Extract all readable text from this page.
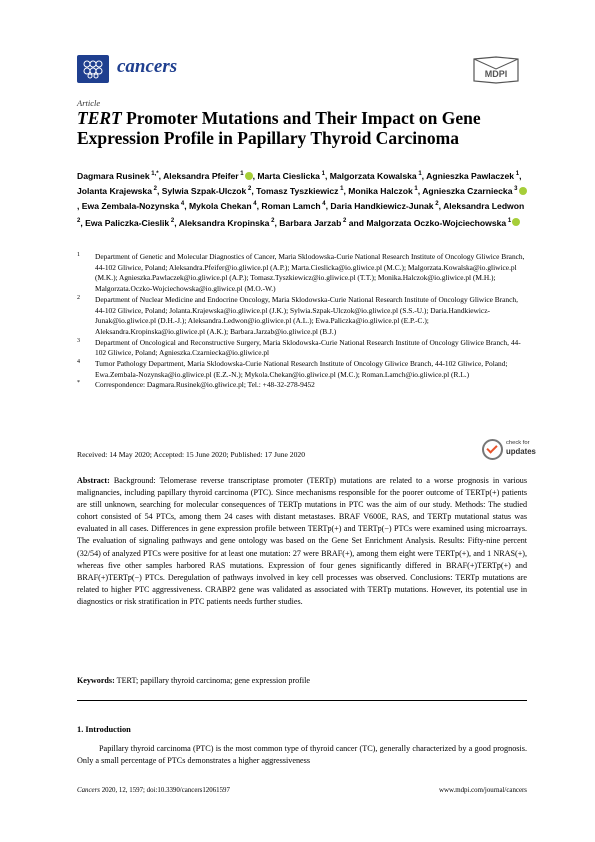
cancers	MDPI
Article
TERT Promoter Mutations and Their Impact on Gene Expression Profile in Papillary Thyroid Carcinoma
Dagmara Rusinek $^{1,*}$, Aleksandra Pfeifer $^1$ , Marta Cieslicka $^1$, Malgorzata Kowalska $^1$, Agnieszka Pawlaczek $^1$, Jolanta Krajewska $^2$, Sylwia Szpak-Ulczok $^2$, Tomasz Tyszkiewicz $^1$, Monika Halczok $^1$, Agnieszka Czarniecka $^3$, Ewa Zembala-Nozynska $^4$, Mykola Chekan $^4$, Roman Lamch $^4$, Daria Handkiewicz-Junak $^2$, Aleksandra Ledwon $^2$, Ewa Paliczka-Cieslik $^2$, Aleksandra Kropinska $^2$, Barbara Jarzab $^2$ and Malgorzata Oczko-Wojciechowska $^1$
1 Department of Genetic and Molecular Diagnostics of Cancer, Maria Sklodowska-Curie National Research Institute of Oncology Gliwice Branch, 44-102 Gliwice, Poland; Aleksandra.Pfeifer@io.gliwice.pl (A.P.); Marta.Cieslicka@io.gliwice.pl (M.C.); Malgorzata.Kowalska@io.gliwice.pl (M.K.); Agnieszka.Pawlaczek@io.gliwice.pl (A.P.); Tomasz.Tyszkiewicz@io.gliwice.pl (T.T.); Monika.Halczok@io.gliwice.pl (M.H.); Malgorzata.Oczko-Wojciechowska@io.gliwice.pl (M.O.-W.)
2 Department of Nuclear Medicine and Endocrine Oncology, Maria Sklodowska-Curie National Research Institute of Oncology Gliwice Branch, 44-102 Gliwice, Poland; Jolanta.Krajewska@io.gliwice.pl (J.K.); Sylwia.Szpak-Ulczok@io.gliwice.pl (S.S.-U.); Daria.Handkiewicz-Junak@io.gliwice.pl (D.H.-J.); Aleksandra.Ledwon@io.gliwice.pl (A.L.); Ewa.Paliczka@io.gliwice.pl (E.P.-C.); Aleksandra.Kropinska@io.gliwice.pl (A.K.); Barbara.Jarzab@io.gliwice.pl (B.J.)
3 Department of Oncological and Reconstructive Surgery, Maria Sklodowska-Curie National Research Institute of Oncology Gliwice Branch, 44-102 Gliwice, Poland; Agnieszka.Czarniecka@io.gliwice.pl
4 Tumor Pathology Department, Maria Sklodowska-Curie National Research Institute of Oncology Gliwice Branch, 44-102 Gliwice, Poland; Ewa.Zembala-Nozynska@io.gliwice.pl (E.Z.-N.); Mykola.Chekan@io.gliwice.pl (M.C.); Roman.Lamch@io.gliwice.pl (R.L.)
* Correspondence: Dagmara.Rusinek@io.gliwice.pl; Tel.: +48-32-278-9452
Received: 14 May 2020; Accepted: 15 June 2020; Published: 17 June 2020
check for
updates
Abstract: Background: Telomerase reverse transcriptase promoter (TERTp) mutations are related to a worse prognosis in various malignancies, including papillary thyroid carcinoma (PTC). Since mechanisms responsible for the poorer outcome of TERTp(+) patients are still unknown, searching for molecular consequences of TERTp mutations in PTC was the aim of our study. Methods: The studied cohort consisted of 54 PTCs, among them 24 cases with distant metastases. BRAF V600E, RAS, and TERTp mutational status was evaluated in all cases. Differences in gene expression profile between TERTp(+) and TERTp(−) PTCs were examined using microarrays. The evaluation of signaling pathways and gene ontology was based on the Gene Set Enrichment Analysis. Results: Fifty-nine percent (32/54) of analyzed PTCs were positive for at least one mutation: 27 were BRAF(+), among them eight were TERTp(+), and 1 NRAS(+), whereas five other samples harbored RAS mutations. Expression of four genes significantly differed in BRAF(+)TERTp(+) and BRAF(+)TERTp(−) PTCs. Deregulation of pathways involved in key cell processes was observed. Conclusions: TERTp mutations are related to higher PTC aggressiveness. CRABP2 gene was validated as associated with TERTp mutations. However, its potential use in diagnostics or risk stratification in PTC patients needs further studies.
Keywords: TERT; papillary thyroid carcinoma; gene expression profile
1. Introduction
Papillary thyroid carcinoma (PTC) is the most common type of thyroid cancer (TC), generally characterized by a good prognosis. Only a small percentage of PTCs demonstrates a higher aggressiveness
Cancers 2020, 12, 1597; doi:10.3390/cancers12061597	www.mdpi.com/journal/cancers
